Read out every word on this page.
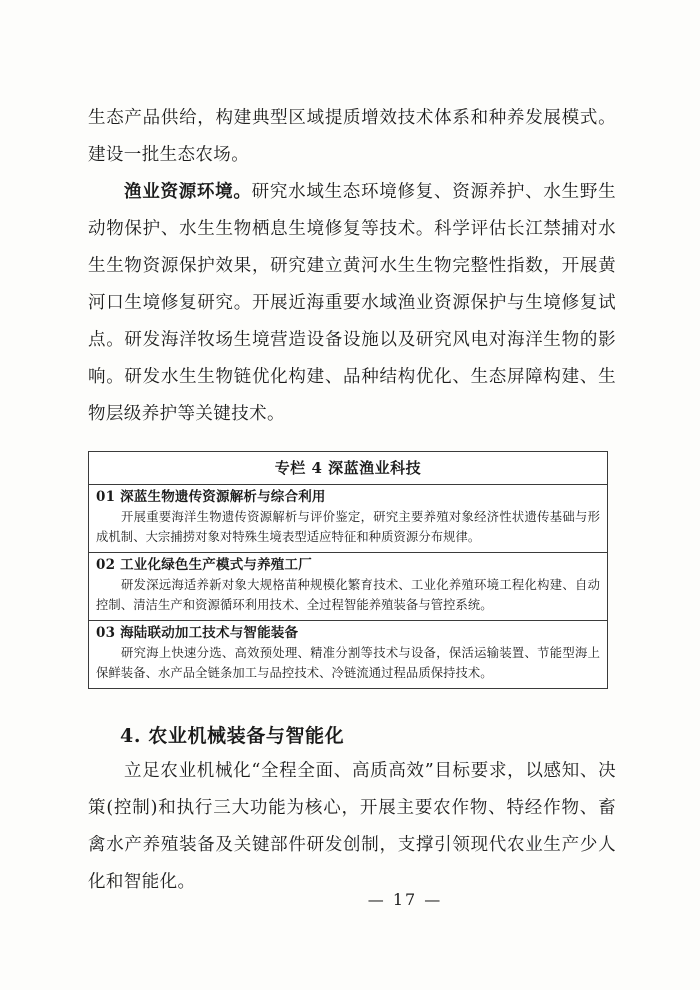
生态产品供给，构建典型区域提质增效技术体系和种养发展模式。建设一批生态农场。

渔业资源环境。研究水域生态环境修复、资源养护、水生野生动物保护、水生生物栖息生境修复等技术。科学评估长江禁捕对水生生物资源保护效果，研究建立黄河水生生物完整性指数，开展黄河口生境修复研究。开展近海重要水域渔业资源保护与生境修复试点。研发海洋牧场生境营造设备设施以及研究风电对海洋生物的影响。研发水生生物链优化构建、品种结构优化、生态屏障构建、生物层级养护等关键技术。

专栏 4 深蓝渔业科技
01 深蓝生物遗传资源解析与综合利用
开展重要海洋生物遗传资源解析与评价鉴定，研究主要养殖对象经济性状遗传基础与形成机制、大宗捕捞对象对特殊生境表型适应特征和种质资源分布规律。
02 工业化绿色生产模式与养殖工厂
研发深远海适养新对象大规格苗种规模化繁育技术、工业化养殖环境工程化构建、自动控制、清洁生产和资源循环利用技术、全过程智能养殖装备与管控系统。
03 海陆联动加工技术与智能装备
研究海上快速分选、高效预处理、精准分割等技术与设备，保活运输装置、节能型海上保鲜装备、水产品全链条加工与品控技术、冷链流通过程品质保持技术。
4. 农业机械装备与智能化

立足农业机械化“全程全面、高质高效”目标要求，以感知、决策(控制)和执行三大功能为核心，开展主要农作物、特经作物、畜禽水产养殖装备及关键部件研发创制，支撑引领现代农业生产少人化和智能化。

— 17 —
